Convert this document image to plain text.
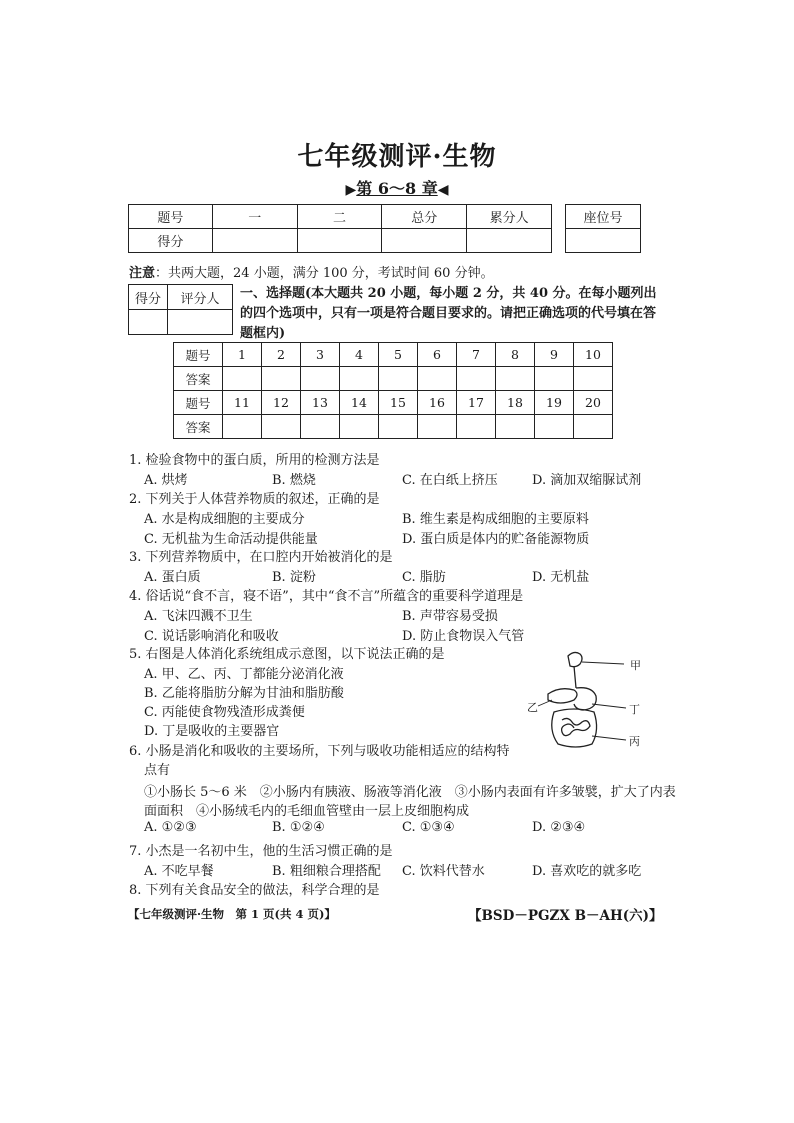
七年级测评·生物
▶第 6～8 章◀
题号	一	二	总分	累分人
得分				
座位号

注意：共两大题，24 小题，满分 100 分，考试时间 60 分钟。
得分	评分人
	一、选择题(本大题共 20 小题，每小题 2 分，共 40 分。在每小题列出的四个选项中，只有一项是符合题目要求的。请把正确选项的代号填在答题框内)
题号	1	2	3	4	5	6	7	8	9	10
答案										
题号	11	12	13	14	15	16	17	18	19	20
答案										
1. 检验食物中的蛋白质，所用的检测方法是
A. 烘烤	B. 燃烧	C. 在白纸上挤压	D. 滴加双缩脲试剂
2. 下列关于人体营养物质的叙述，正确的是
A. 水是构成细胞的主要成分	B. 维生素是构成细胞的主要原料
C. 无机盐为生命活动提供能量	D. 蛋白质是体内的贮备能源物质
3. 下列营养物质中，在口腔内开始被消化的是
A. 蛋白质	B. 淀粉	C. 脂肪	D. 无机盐
4. 俗话说“食不言，寝不语”，其中“食不言”所蕴含的重要科学道理是
A. 飞沫四溅不卫生	B. 声带容易受损
C. 说话影响消化和吸收	D. 防止食物误入气管
5. 右图是人体消化系统组成示意图，以下说法正确的是
A. 甲、乙、丙、丁都能分泌消化液
B. 乙能将脂肪分解为甘油和脂肪酸
C. 丙能使食物残渣形成粪便
D. 丁是吸收的主要器官
甲
乙	丁
丙
6. 小肠是消化和吸收的主要场所，下列与吸收功能相适应的结构特
点有
①小肠长 5～6 米　②小肠内有胰液、肠液等消化液　③小肠内表面有许多皱襞，扩大了内表
面面积　④小肠绒毛内的毛细血管壁由一层上皮细胞构成
A. ①②③	B. ①②④	C. ①③④	D. ②③④
7. 小杰是一名初中生，他的生活习惯正确的是
A. 不吃早餐	B. 粗细粮合理搭配 C. 饮料代替水	D. 喜欢吃的就多吃
8. 下列有关食品安全的做法，科学合理的是
【七年级测评·生物　第 1 页(共 4 页)】	【BSD－PGZX B－AH(六)】
